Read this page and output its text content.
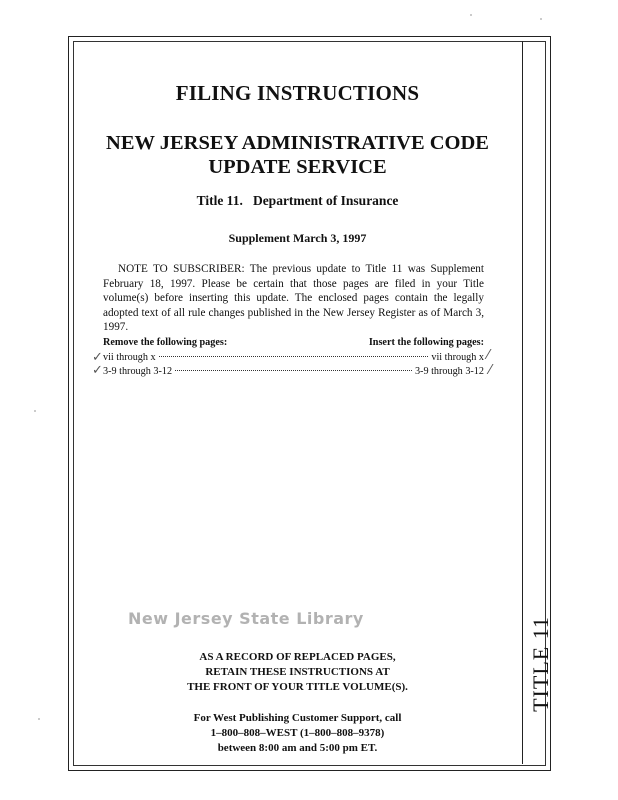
TITLE 11
FILING INSTRUCTIONS
NEW JERSEY ADMINISTRATIVE CODE
UPDATE SERVICE
Title 11.   Department of Insurance
Supplement March 3, 1997
NOTE TO SUBSCRIBER: The previous update to Title 11 was Supplement February 18, 1997. Please be certain that those pages are filed in your Title volume(s) before inserting this update. The enclosed pages contain the legally adopted text of all rule changes published in the New Jersey Register as of March 3, 1997.
Remove the following pages:	Insert the following pages:
vii through x	vii through x
3-9 through 3-12	3-9 through 3-12
✓
✓
⁄
⁄
New Jersey State Library
AS A RECORD OF REPLACED PAGES,
RETAIN THESE INSTRUCTIONS AT
THE FRONT OF YOUR TITLE VOLUME(S).
For West Publishing Customer Support, call
1–800–808–WEST (1–800–808–9378)
between 8:00 am and 5:00 pm ET.
